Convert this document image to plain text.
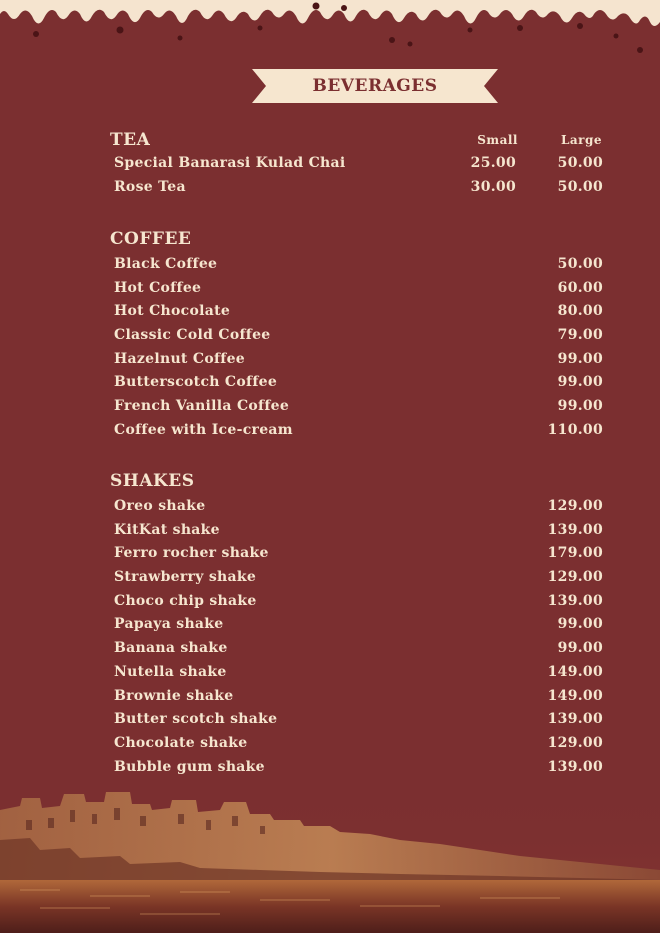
BEVERAGES
TEA	Small	Large
Special Banarasi Kulad Chai	25.00	50.00
Rose Tea	30.00	50.00
COFFEE
Black Coffee	50.00
Hot Coffee	60.00
Hot Chocolate	80.00
Classic Cold Coffee	79.00
Hazelnut Coffee	99.00
Butterscotch Coffee	99.00
French Vanilla Coffee	99.00
Coffee with Ice-cream	110.00
SHAKES
Oreo shake	129.00
KitKat shake	139.00
Ferro rocher shake	179.00
Strawberry shake	129.00
Choco chip shake	139.00
Papaya shake	99.00
Banana shake	99.00
Nutella shake	149.00
Brownie shake	149.00
Butter scotch shake	139.00
Chocolate shake	129.00
Bubble gum shake	139.00
